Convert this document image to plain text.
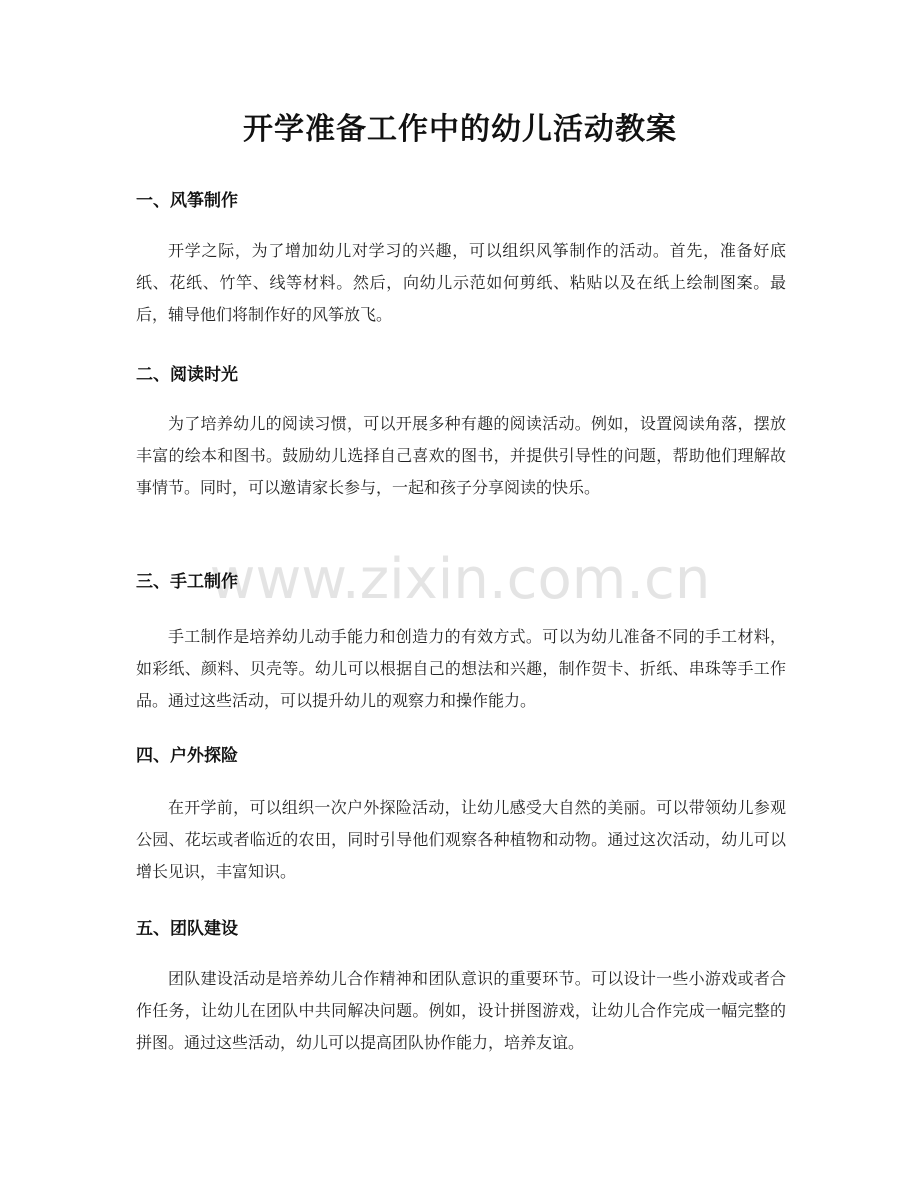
开学准备工作中的幼儿活动教案
一、风筝制作

开学之际，为了增加幼儿对学习的兴趣，可以组织风筝制作的活动。首先，准备好底纸、花纸、竹竿、线等材料。然后，向幼儿示范如何剪纸、粘贴以及在纸上绘制图案。最后，辅导他们将制作好的风筝放飞。

二、阅读时光

为了培养幼儿的阅读习惯，可以开展多种有趣的阅读活动。例如，设置阅读角落，摆放丰富的绘本和图书。鼓励幼儿选择自己喜欢的图书，并提供引导性的问题，帮助他们理解故事情节。同时，可以邀请家长参与，一起和孩子分享阅读的快乐。

www.zixin.com.cn
三、手工制作

手工制作是培养幼儿动手能力和创造力的有效方式。可以为幼儿准备不同的手工材料，如彩纸、颜料、贝壳等。幼儿可以根据自己的想法和兴趣，制作贺卡、折纸、串珠等手工作品。通过这些活动，可以提升幼儿的观察力和操作能力。

四、户外探险

在开学前，可以组织一次户外探险活动，让幼儿感受大自然的美丽。可以带领幼儿参观公园、花坛或者临近的农田，同时引导他们观察各种植物和动物。通过这次活动，幼儿可以增长见识，丰富知识。

五、团队建设

团队建设活动是培养幼儿合作精神和团队意识的重要环节。可以设计一些小游戏或者合作任务，让幼儿在团队中共同解决问题。例如，设计拼图游戏，让幼儿合作完成一幅完整的拼图。通过这些活动，幼儿可以提高团队协作能力，培养友谊。
